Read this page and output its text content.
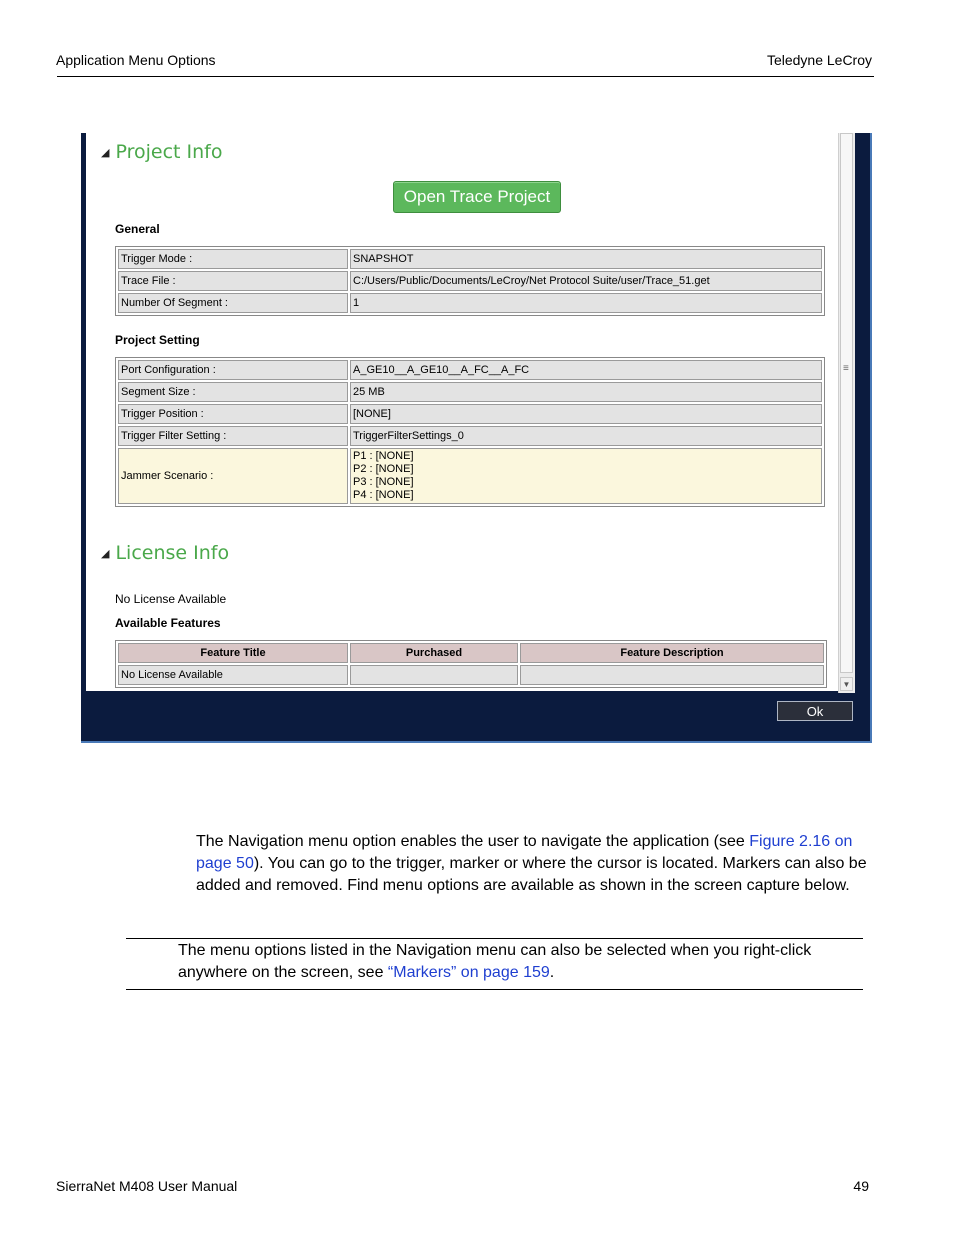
Application Menu Options	Teledyne LeCroy
◢ Project Info
Open Trace Project
General
Trigger Mode :	SNAPSHOT
Trace File :	C:/Users/Public/Documents/LeCroy/Net Protocol Suite/user/Trace_51.get
Number Of Segment :	1
Project Setting
Port Configuration :	A_GE10__A_GE10__A_FC__A_FC
Segment Size :	25 MB
Trigger Position :	[NONE]
Trigger Filter Setting :	TriggerFilterSettings_0
Jammer Scenario :	P1 : [NONE]
P2 : [NONE]
P3 : [NONE]
P4 : [NONE]
◢ License Info
No License Available
Available Features
Feature Title	Purchased	Feature Description
No License Available		
≡
▼
Ok
The Navigation menu option enables the user to navigate the application (see Figure 2.16 on page 50). You can go to the trigger, marker or where the cursor is located. Markers can also be added and removed. Find menu options are available as shown in the screen capture below.
The menu options listed in the Navigation menu can also be selected when you right-click anywhere on the screen, see “Markers” on page 159.
SierraNet M408 User Manual	49
